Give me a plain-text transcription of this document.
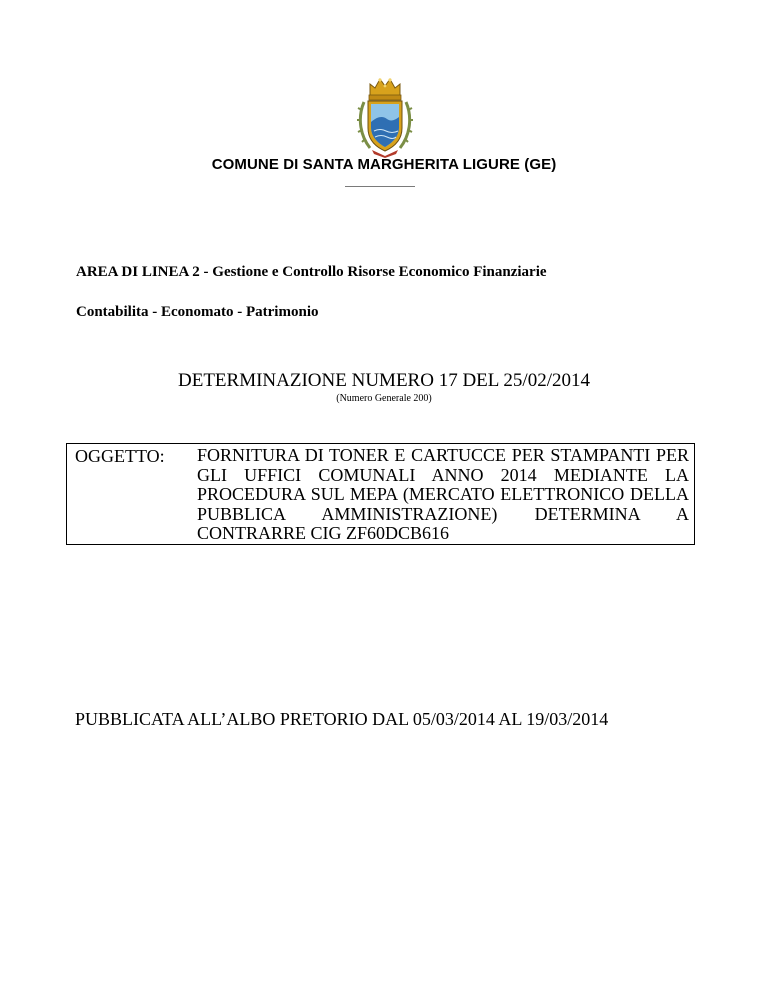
COMUNE DI SANTA MARGHERITA LIGURE (GE)
AREA DI LINEA 2 - Gestione e Controllo Risorse Economico Finanziarie
Contabilita - Economato - Patrimonio
DETERMINAZIONE NUMERO 17 DEL 25/02/2014
(Numero Generale 200)
OGGETTO: FORNITURA DI TONER E CARTUCCE PER STAMPANTI PER GLI UFFICI COMUNALI ANNO 2014 MEDIANTE LA PROCEDURA SUL MEPA (MERCATO ELETTRONICO DELLA PUBBLICA AMMINISTRAZIONE) DETERMINA A CONTRARRE CIG ZF60DCB616
PUBBLICATA ALL’ALBO PRETORIO DAL 05/03/2014 AL 19/03/2014
